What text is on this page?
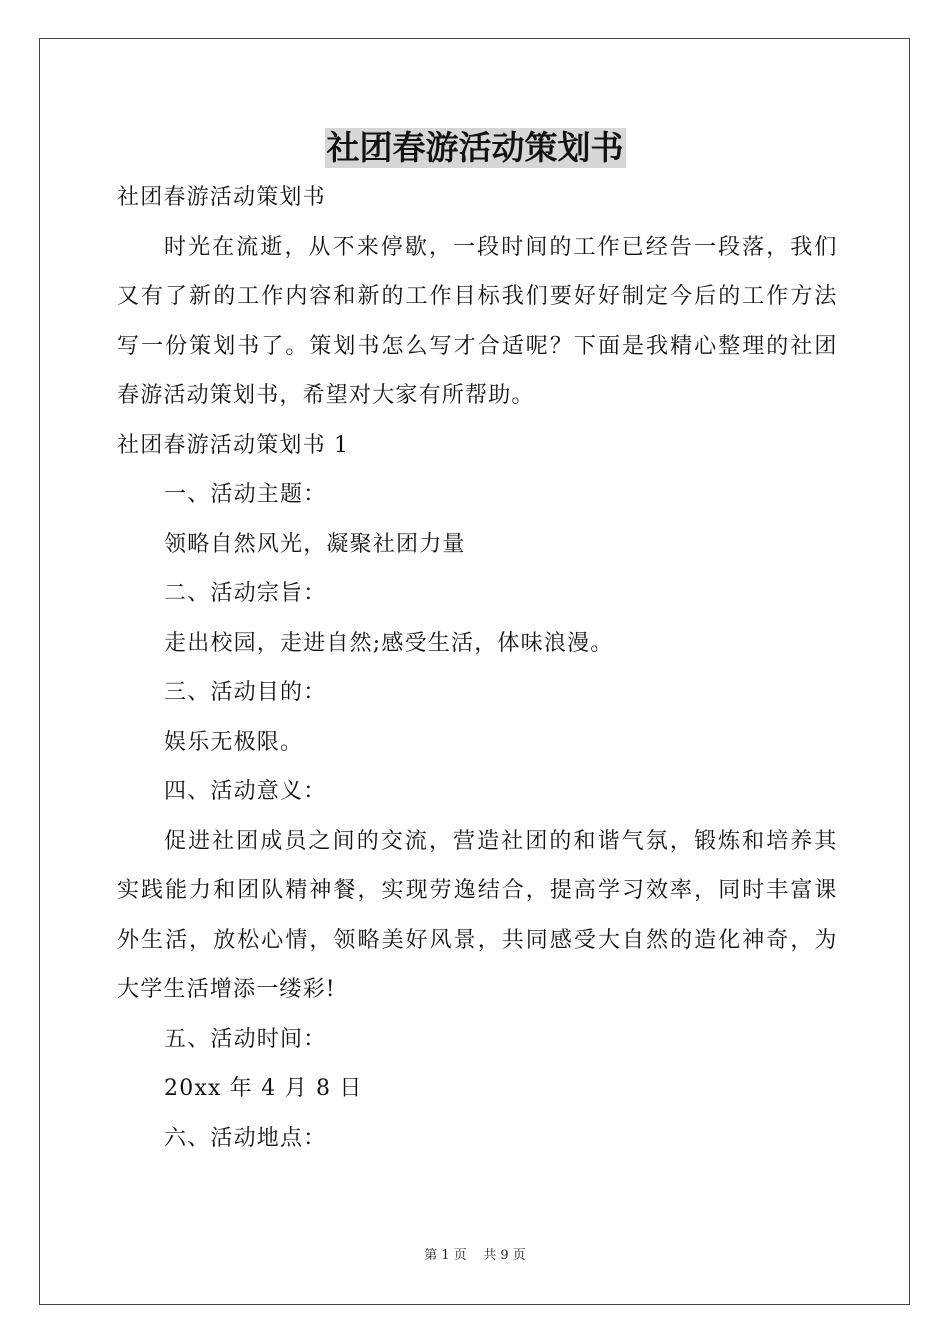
社团春游活动策划书
社团春游活动策划书
时光在流逝，从不来停歇，一段时间的工作已经告一段落，我们
又有了新的工作内容和新的工作目标我们要好好制定今后的工作方法
写一份策划书了。策划书怎么写才合适呢？下面是我精心整理的社团
春游活动策划书，希望对大家有所帮助。
社团春游活动策划书 1
一、活动主题：
领略自然风光，凝聚社团力量
二、活动宗旨：
走出校园，走进自然;感受生活，体味浪漫。
三、活动目的：
娱乐无极限。
四、活动意义：
促进社团成员之间的交流，营造社团的和谐气氛，锻炼和培养其
实践能力和团队精神餐，实现劳逸结合，提高学习效率，同时丰富课
外生活，放松心情，领略美好风景，共同感受大自然的造化神奇，为
大学生活增添一缕彩!
五、活动时间：
20xx 年 4 月 8 日
六、活动地点：
第 1 页 共 9 页
